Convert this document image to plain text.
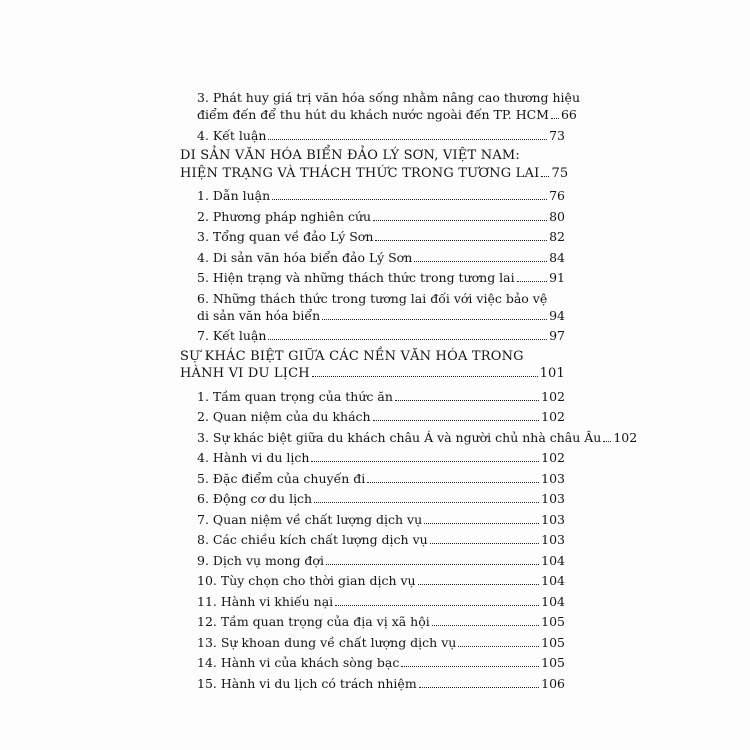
3. Phát huy giá trị văn hóa sống nhằm nâng cao thương hiệu
điểm đến để thu hút du khách nước ngoài đến TP. HCM 66
4. Kết luận	73
DI SẢN VĂN HÓA BIỂN ĐẢO LÝ SƠN, VIỆT NAM:
HIỆN TRẠNG VÀ THÁCH THỨC TRONG TƯƠNG LAI 75
1. Dẫn luận	76
2. Phương pháp nghiên cứu	80
3. Tổng quan về đảo Lý Sơn	82
4. Di sản văn hóa biển đảo Lý Sơn	84
5. Hiện trạng và những thách thức trong tương lai	91
6. Những thách thức trong tương lai đối với việc bảo vệ
di sản văn hóa biển	94
7. Kết luận	97
SỰ KHÁC BIỆT GIỮA CÁC NỀN VĂN HÓA TRONG
HÀNH VI DU LỊCH	101
1. Tầm quan trọng của thức ăn	102
2. Quan niệm của du khách	102
3. Sự khác biệt giữa du khách châu Á và người chủ nhà châu Âu 102
4. Hành vi du lịch	102
5. Đặc điểm của chuyến đi	103
6. Động cơ du lịch	103
7. Quan niệm về chất lượng dịch vụ	103
8. Các chiều kích chất lượng dịch vụ	103
9. Dịch vụ mong đợi	104
10. Tùy chọn cho thời gian dịch vụ	104
11. Hành vi khiếu nại	104
12. Tầm quan trọng của địa vị xã hội	105
13. Sự khoan dung về chất lượng dịch vụ	105
14. Hành vi của khách sòng bạc	105
15. Hành vi du lịch có trách nhiệm	106
